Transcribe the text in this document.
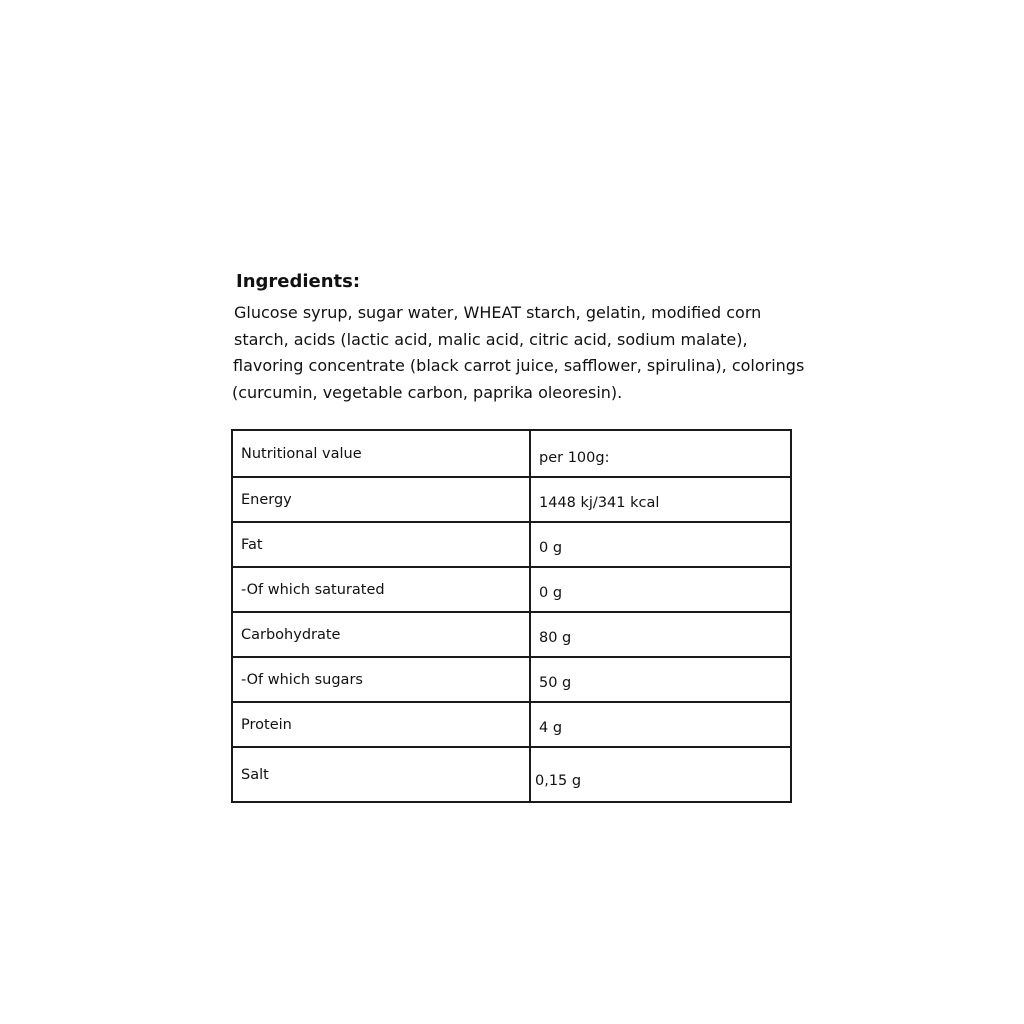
Ingredients:
Glucose syrup, sugar water, WHEAT starch, gelatin, modified corn
starch, acids (lactic acid, malic acid, citric acid, sodium malate),
flavoring concentrate (black carrot juice, safflower, spirulina), colorings
(curcumin, vegetable carbon, paprika oleoresin).
Nutritional value	per 100g:
Energy	1448 kj/341 kcal
Fat	0 g
-Of which saturated	0 g
Carbohydrate	80 g
-Of which sugars	50 g
Protein	4 g
Salt	0,15 g
